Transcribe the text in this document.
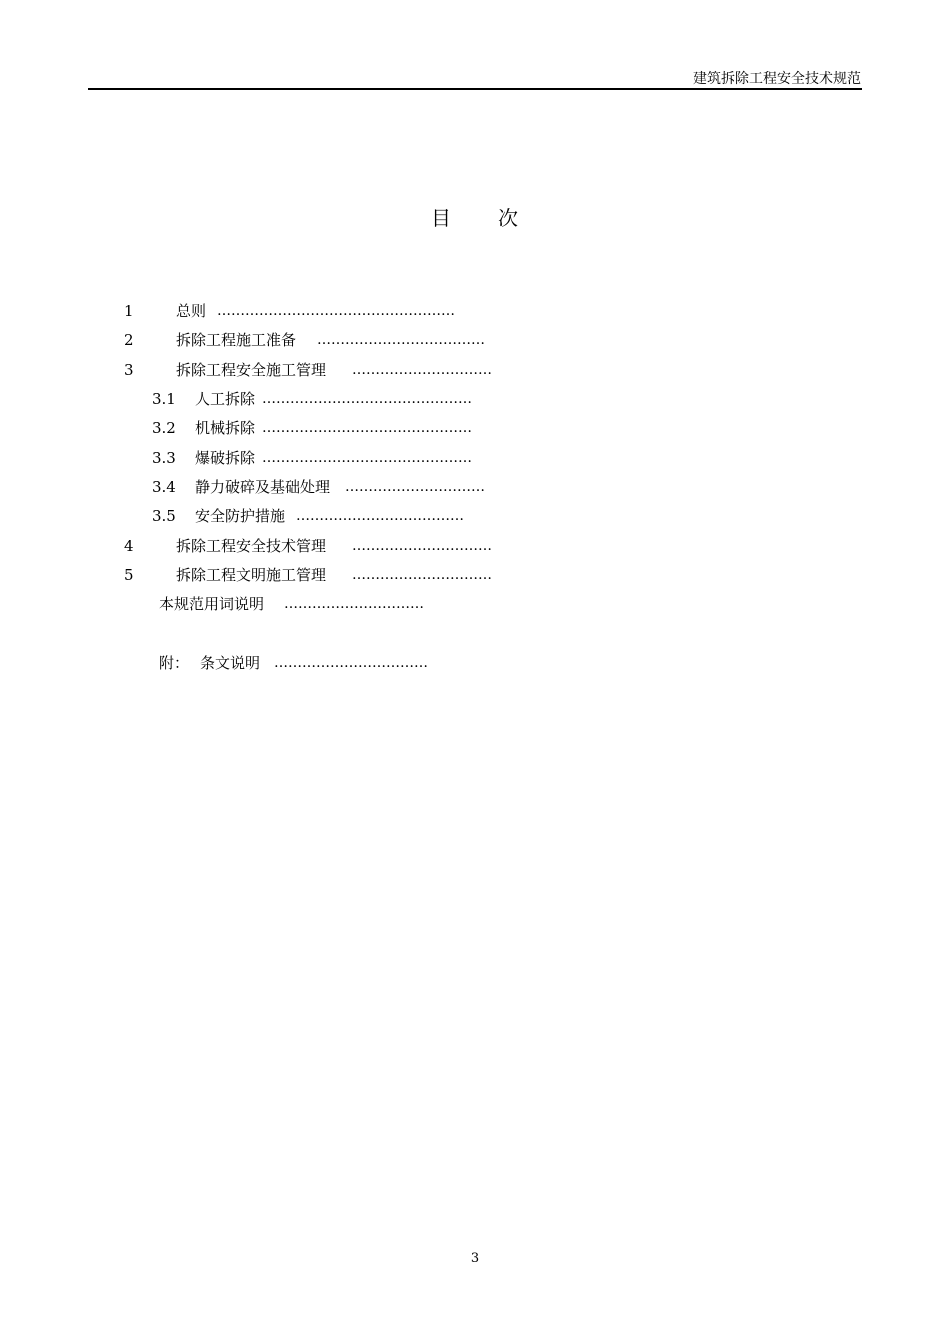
建筑拆除工程安全技术规范
目 次
1	总则 ……………………………………………
2	拆除工程施工准备 ………………………………
3	拆除工程安全施工管理 …………………………
3.1 人工拆除 ………………………………………
3.2 机械拆除 ………………………………………
3.3 爆破拆除 ………………………………………
3.4 静力破碎及基础处理 …………………………
3.5 安全防护措施 ………………………………
4	拆除工程安全技术管理 …………………………
5	拆除工程文明施工管理 …………………………
本规范用词说明 …………………………
附： 条文说明 ……………………………
3
